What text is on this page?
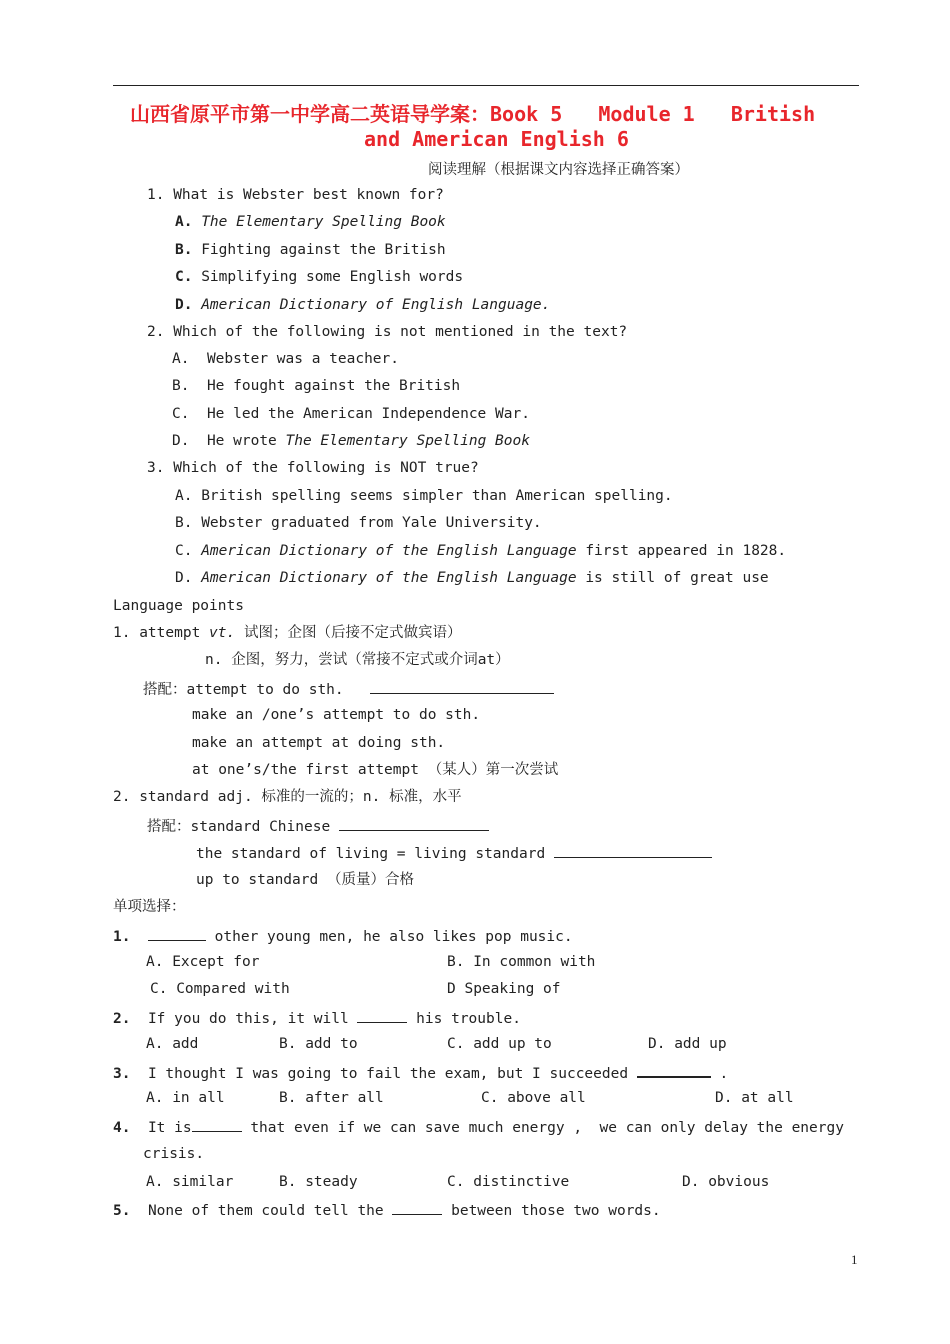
山西省原平市第一中学高二英语导学案：Book 5   Module 1   British
and American English 6
阅读理解（根据课文内容选择正确答案）
1. What is Webster best known for?
A. The Elementary Spelling Book
B. Fighting against the British
C. Simplifying some English words
D. American Dictionary of English Language.
2. Which of the following is not mentioned in the text?
A. Webster was a teacher.
B. He fought against the British
C. He led the American Independence War.
D. He wrote The Elementary Spelling Book
3. Which of the following is NOT true?
A. British spelling seems simpler than American spelling.
B. Webster graduated from Yale University.
C. American Dictionary of the English Language first appeared in 1828.
D. American Dictionary of the English Language is still of great use
Language points
1. attempt vt. 试图；企图（后接不定式做宾语）
n. 企图，努力，尝试（常接不定式或介词at）
搭配：attempt to do sth.
make an /one’s attempt to do sth.
make an attempt at doing sth.
at one’s/the first attempt （某人）第一次尝试
2. standard adj. 标准的一流的；n. 标准，水平
搭配：standard Chinese
the standard of living = living standard
up to standard （质量）合格
单项选择：
1.	other young men, he also likes pop music.
A. Except for	B. In common with
C. Compared with	D Speaking of
2. If you do this, it will	his trouble.
A. add	B. add to	C. add up to	D. add up
3. I thought I was going to fail the exam, but I succeeded	.
A. in all	B. after all	C. above all	D. at all
4. It is	that even if we can save much energy ,  we can only delay the energy
crisis.
A. similar	B. steady	C. distinctive	D. obvious
5. None of them could tell the	between those two words.
1
